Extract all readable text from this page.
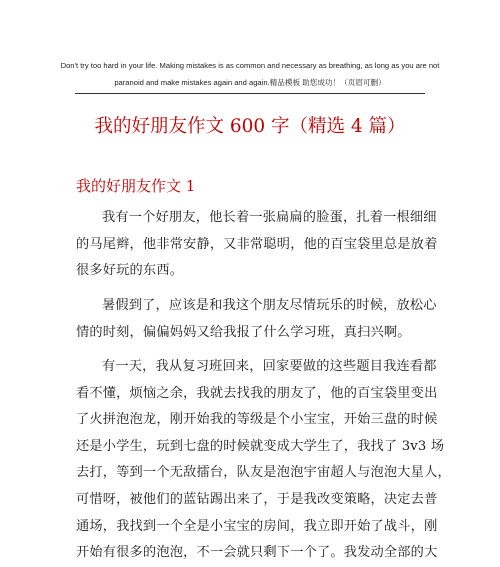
Don't try too hard in your life. Making mistakes is as common and necessary as breathing, as long as you are not
paranoid and make mistakes again and again.精品模板 助您成功！（页眉可删）
我的好朋友作文 600 字（精选 4 篇）
我的好朋友作文 1
我有一个好朋友，他长着一张扁扁的脸蛋，扎着一根细细
的马尾辫，他非常安静，又非常聪明，他的百宝袋里总是放着
很多好玩的东西。
暑假到了，应该是和我这个朋友尽情玩乐的时候，放松心
情的时刻，偏偏妈妈又给我报了什么学习班，真扫兴啊。
有一天，我从复习班回来，回家要做的这些题目我连看都
看不懂，烦恼之余，我就去找我的朋友了，他的百宝袋里变出
了火拼泡泡龙，刚开始我的等级是个小宝宝，开始三盘的时候
还是小学生，玩到七盘的时候就变成大学生了，我找了 3v3 场
去打，等到一个无敌擂台，队友是泡泡宇宙超人与泡泡大星人，
可惜呀，被他们的蓝钻踢出来了，于是我改变策略，决定去普
通场，我找到一个全是小宝宝的房间，我立即开始了战斗，刚
开始有很多的泡泡，不一会就只剩下一个了。我发动全部的大
